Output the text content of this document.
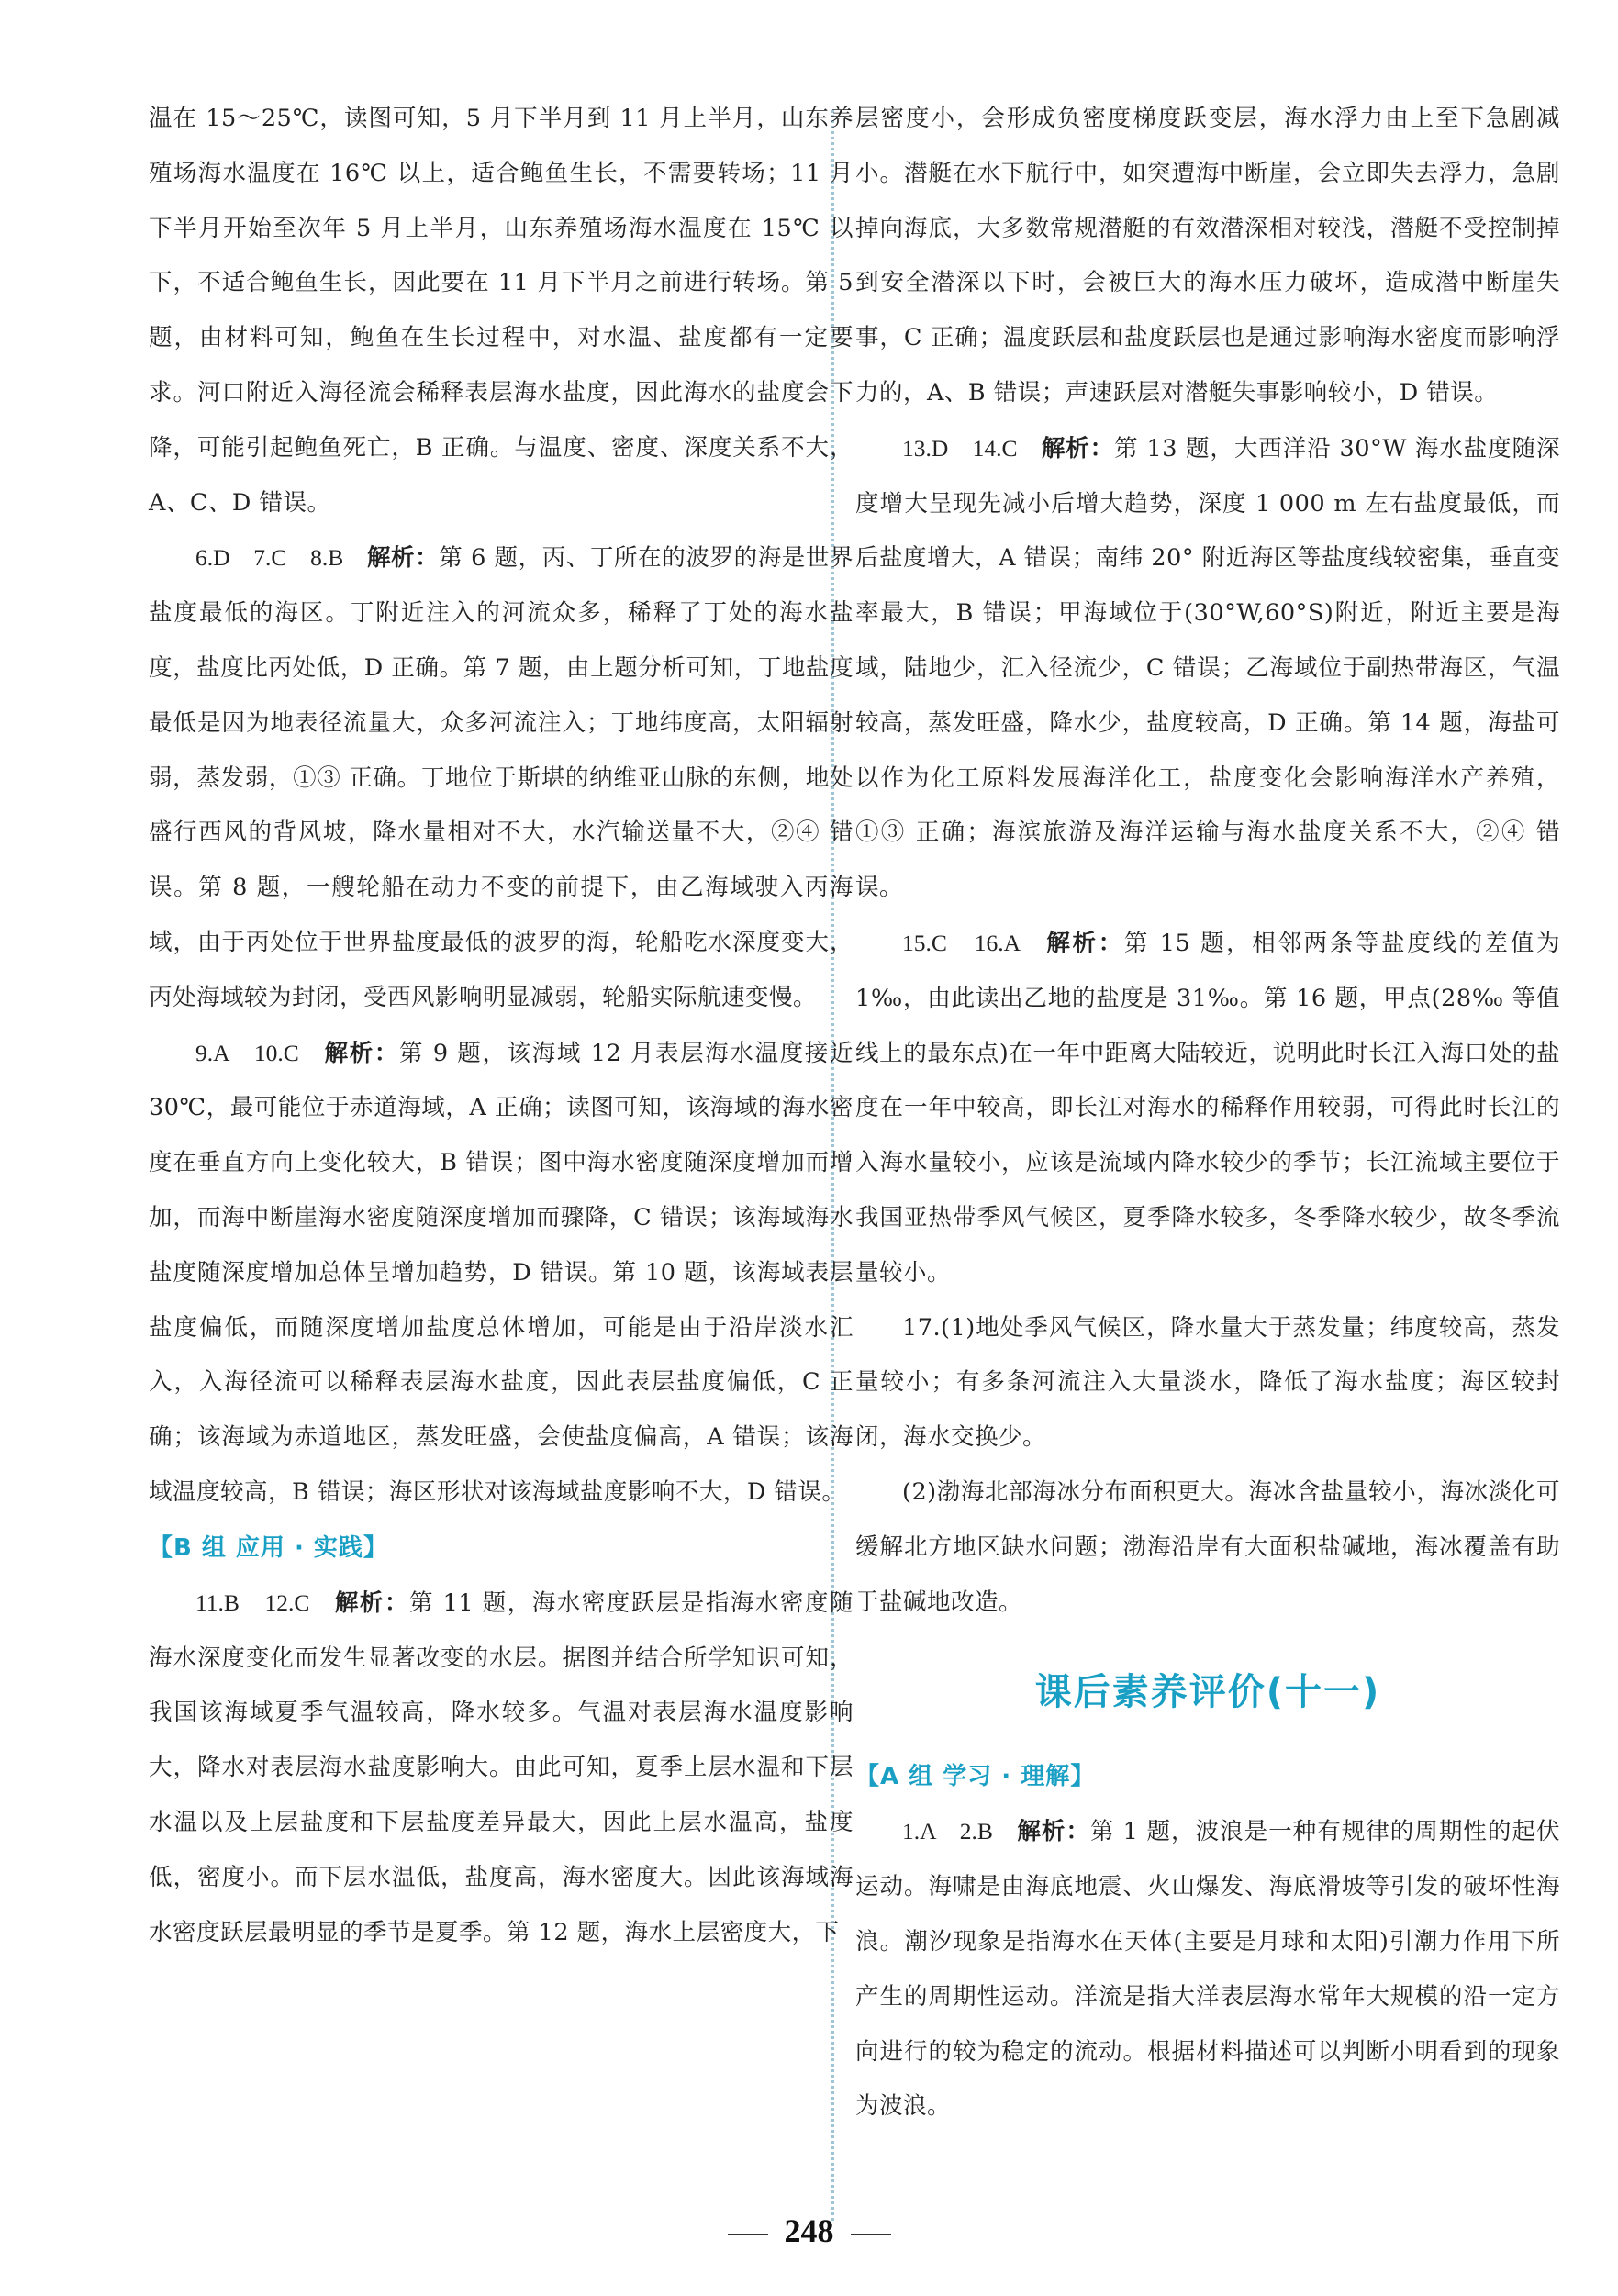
温在 15～25℃，读图可知，5 月下半月到 11 月上半月，山东养殖场海水温度在 16℃ 以上，适合鲍鱼生长，不需要转场；11 月下半月开始至次年 5 月上半月，山东养殖场海水温度在 15℃ 以下，不适合鲍鱼生长，因此要在 11 月下半月之前进行转场。第 5 题，由材料可知，鲍鱼在生长过程中，对水温、盐度都有一定要求。河口附近入海径流会稀释表层海水盐度，因此海水的盐度会下降，可能引起鲍鱼死亡，B 正确。与温度、密度、深度关系不大，A、C、D 错误。

6.D　7.C　8.B　解析：第 6 题，丙、丁所在的波罗的海是世界盐度最低的海区。丁附近注入的河流众多，稀释了丁处的海水盐度，盐度比丙处低，D 正确。第 7 题，由上题分析可知，丁地盐度最低是因为地表径流量大，众多河流注入；丁地纬度高，太阳辐射弱，蒸发弱，①③ 正确。丁地位于斯堪的纳维亚山脉的东侧，地处盛行西风的背风坡，降水量相对不大，水汽输送量不大，②④ 错误。第 8 题，一艘轮船在动力不变的前提下，由乙海域驶入丙海域，由于丙处位于世界盐度最低的波罗的海，轮船吃水深度变大，丙处海域较为封闭，受西风影响明显减弱，轮船实际航速变慢。

9.A　10.C　解析：第 9 题，该海域 12 月表层海水温度接近 30℃，最可能位于赤道海域，A 正确；读图可知，该海域的海水密度在垂直方向上变化较大，B 错误；图中海水密度随深度增加而增加，而海中断崖海水密度随深度增加而骤降，C 错误；该海域海水盐度随深度增加总体呈增加趋势，D 错误。第 10 题，该海域表层盐度偏低，而随深度增加盐度总体增加，可能是由于沿岸淡水汇入，入海径流可以稀释表层海水盐度，因此表层盐度偏低，C 正确；该海域为赤道地区，蒸发旺盛，会使盐度偏高，A 错误；该海域温度较高，B 错误；海区形状对该海域盐度影响不大，D 错误。

【B 组 应用 · 实践】

11.B　12.C　解析：第 11 题，海水密度跃层是指海水密度随海水深度变化而发生显著改变的水层。据图并结合所学知识可知，我国该海域夏季气温较高，降水较多。气温对表层海水温度影响大，降水对表层海水盐度影响大。由此可知，夏季上层水温和下层水温以及上层盐度和下层盐度差异最大，因此上层水温高，盐度低，密度小。而下层水温低，盐度高，海水密度大。因此该海域海水密度跃层最明显的季节是夏季。第 12 题，海水上层密度大，下

层密度小，会形成负密度梯度跃变层，海水浮力由上至下急剧减小。潜艇在水下航行中，如突遭海中断崖，会立即失去浮力，急剧掉向海底，大多数常规潜艇的有效潜深相对较浅，潜艇不受控制掉到安全潜深以下时，会被巨大的海水压力破坏，造成潜中断崖失事，C 正确；温度跃层和盐度跃层也是通过影响海水密度而影响浮力的，A、B 错误；声速跃层对潜艇失事影响较小，D 错误。

13.D　14.C　解析：第 13 题，大西洋沿 30°W 海水盐度随深度增大呈现先减小后增大趋势，深度 1 000 m 左右盐度最低，而后盐度增大，A 错误；南纬 20° 附近海区等盐度线较密集，垂直变率最大，B 错误；甲海域位于(30°W,60°S)附近，附近主要是海域，陆地少，汇入径流少，C 错误；乙海域位于副热带海区，气温较高，蒸发旺盛，降水少，盐度较高，D 正确。第 14 题，海盐可以作为化工原料发展海洋化工，盐度变化会影响海洋水产养殖，①③ 正确；海滨旅游及海洋运输与海水盐度关系不大，②④ 错误。

15.C　16.A　解析：第 15 题，相邻两条等盐度线的差值为 1‰，由此读出乙地的盐度是 31‰。第 16 题，甲点(28‰ 等值线上的最东点)在一年中距离大陆较近，说明此时长江入海口处的盐度在一年中较高，即长江对海水的稀释作用较弱，可得此时长江的入海水量较小，应该是流域内降水较少的季节；长江流域主要位于我国亚热带季风气候区，夏季降水较多，冬季降水较少，故冬季流量较小。

17.(1)地处季风气候区，降水量大于蒸发量；纬度较高，蒸发量较小；有多条河流注入大量淡水，降低了海水盐度；海区较封闭，海水交换少。

(2)渤海北部海冰分布面积更大。海冰含盐量较小，海冰淡化可缓解北方地区缺水问题；渤海沿岸有大面积盐碱地，海冰覆盖有助于盐碱地改造。

课后素养评价(十一)

【A 组 学习 · 理解】

1.A　2.B　解析：第 1 题，波浪是一种有规律的周期性的起伏运动。海啸是由海底地震、火山爆发、海底滑坡等引发的破坏性海浪。潮汐现象是指海水在天体(主要是月球和太阳)引潮力作用下所产生的周期性运动。洋流是指大洋表层海水常年大规模的沿一定方向进行的较为稳定的流动。根据材料描述可以判断小明看到的现象为波浪。

248
